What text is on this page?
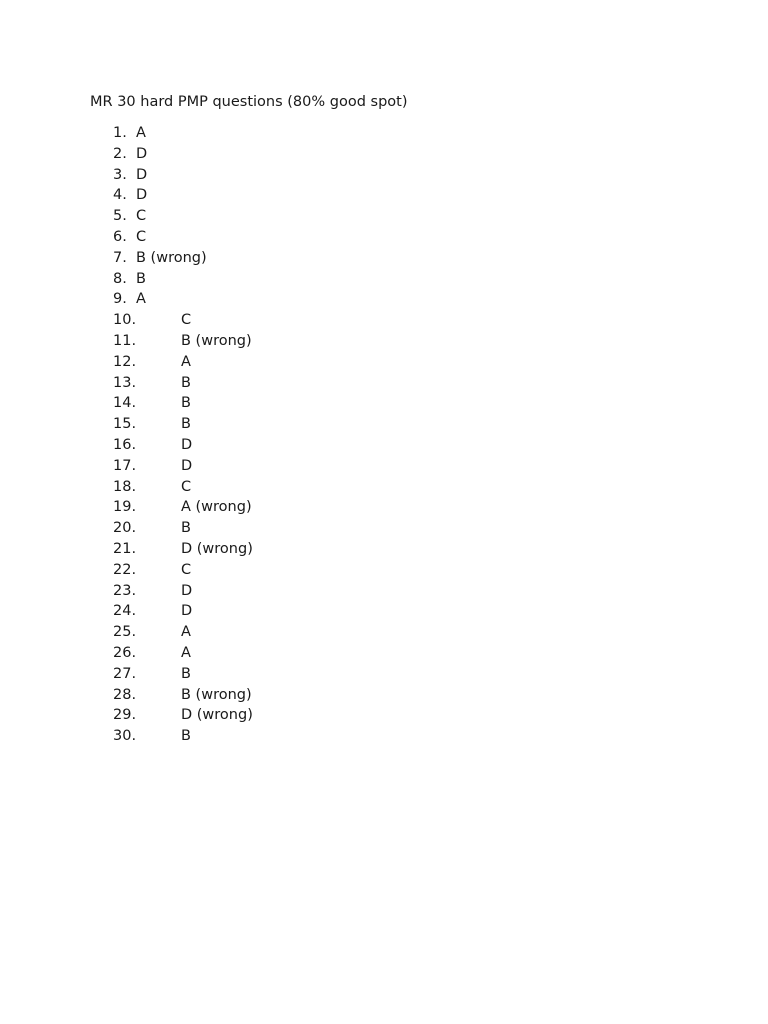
MR 30 hard PMP questions (80% good spot)
1. A
2. D
3. D
4. D
5. C
6. C
7. B (wrong)
8. B
9. A
10.	C
11.	B (wrong)
12.	A
13.	B
14.	B
15.	B
16.	D
17.	D
18.	C
19.	A (wrong)
20.	B
21.	D (wrong)
22.	C
23.	D
24.	D
25.	A
26.	A
27.	B
28.	B (wrong)
29.	D (wrong)
30.	B
